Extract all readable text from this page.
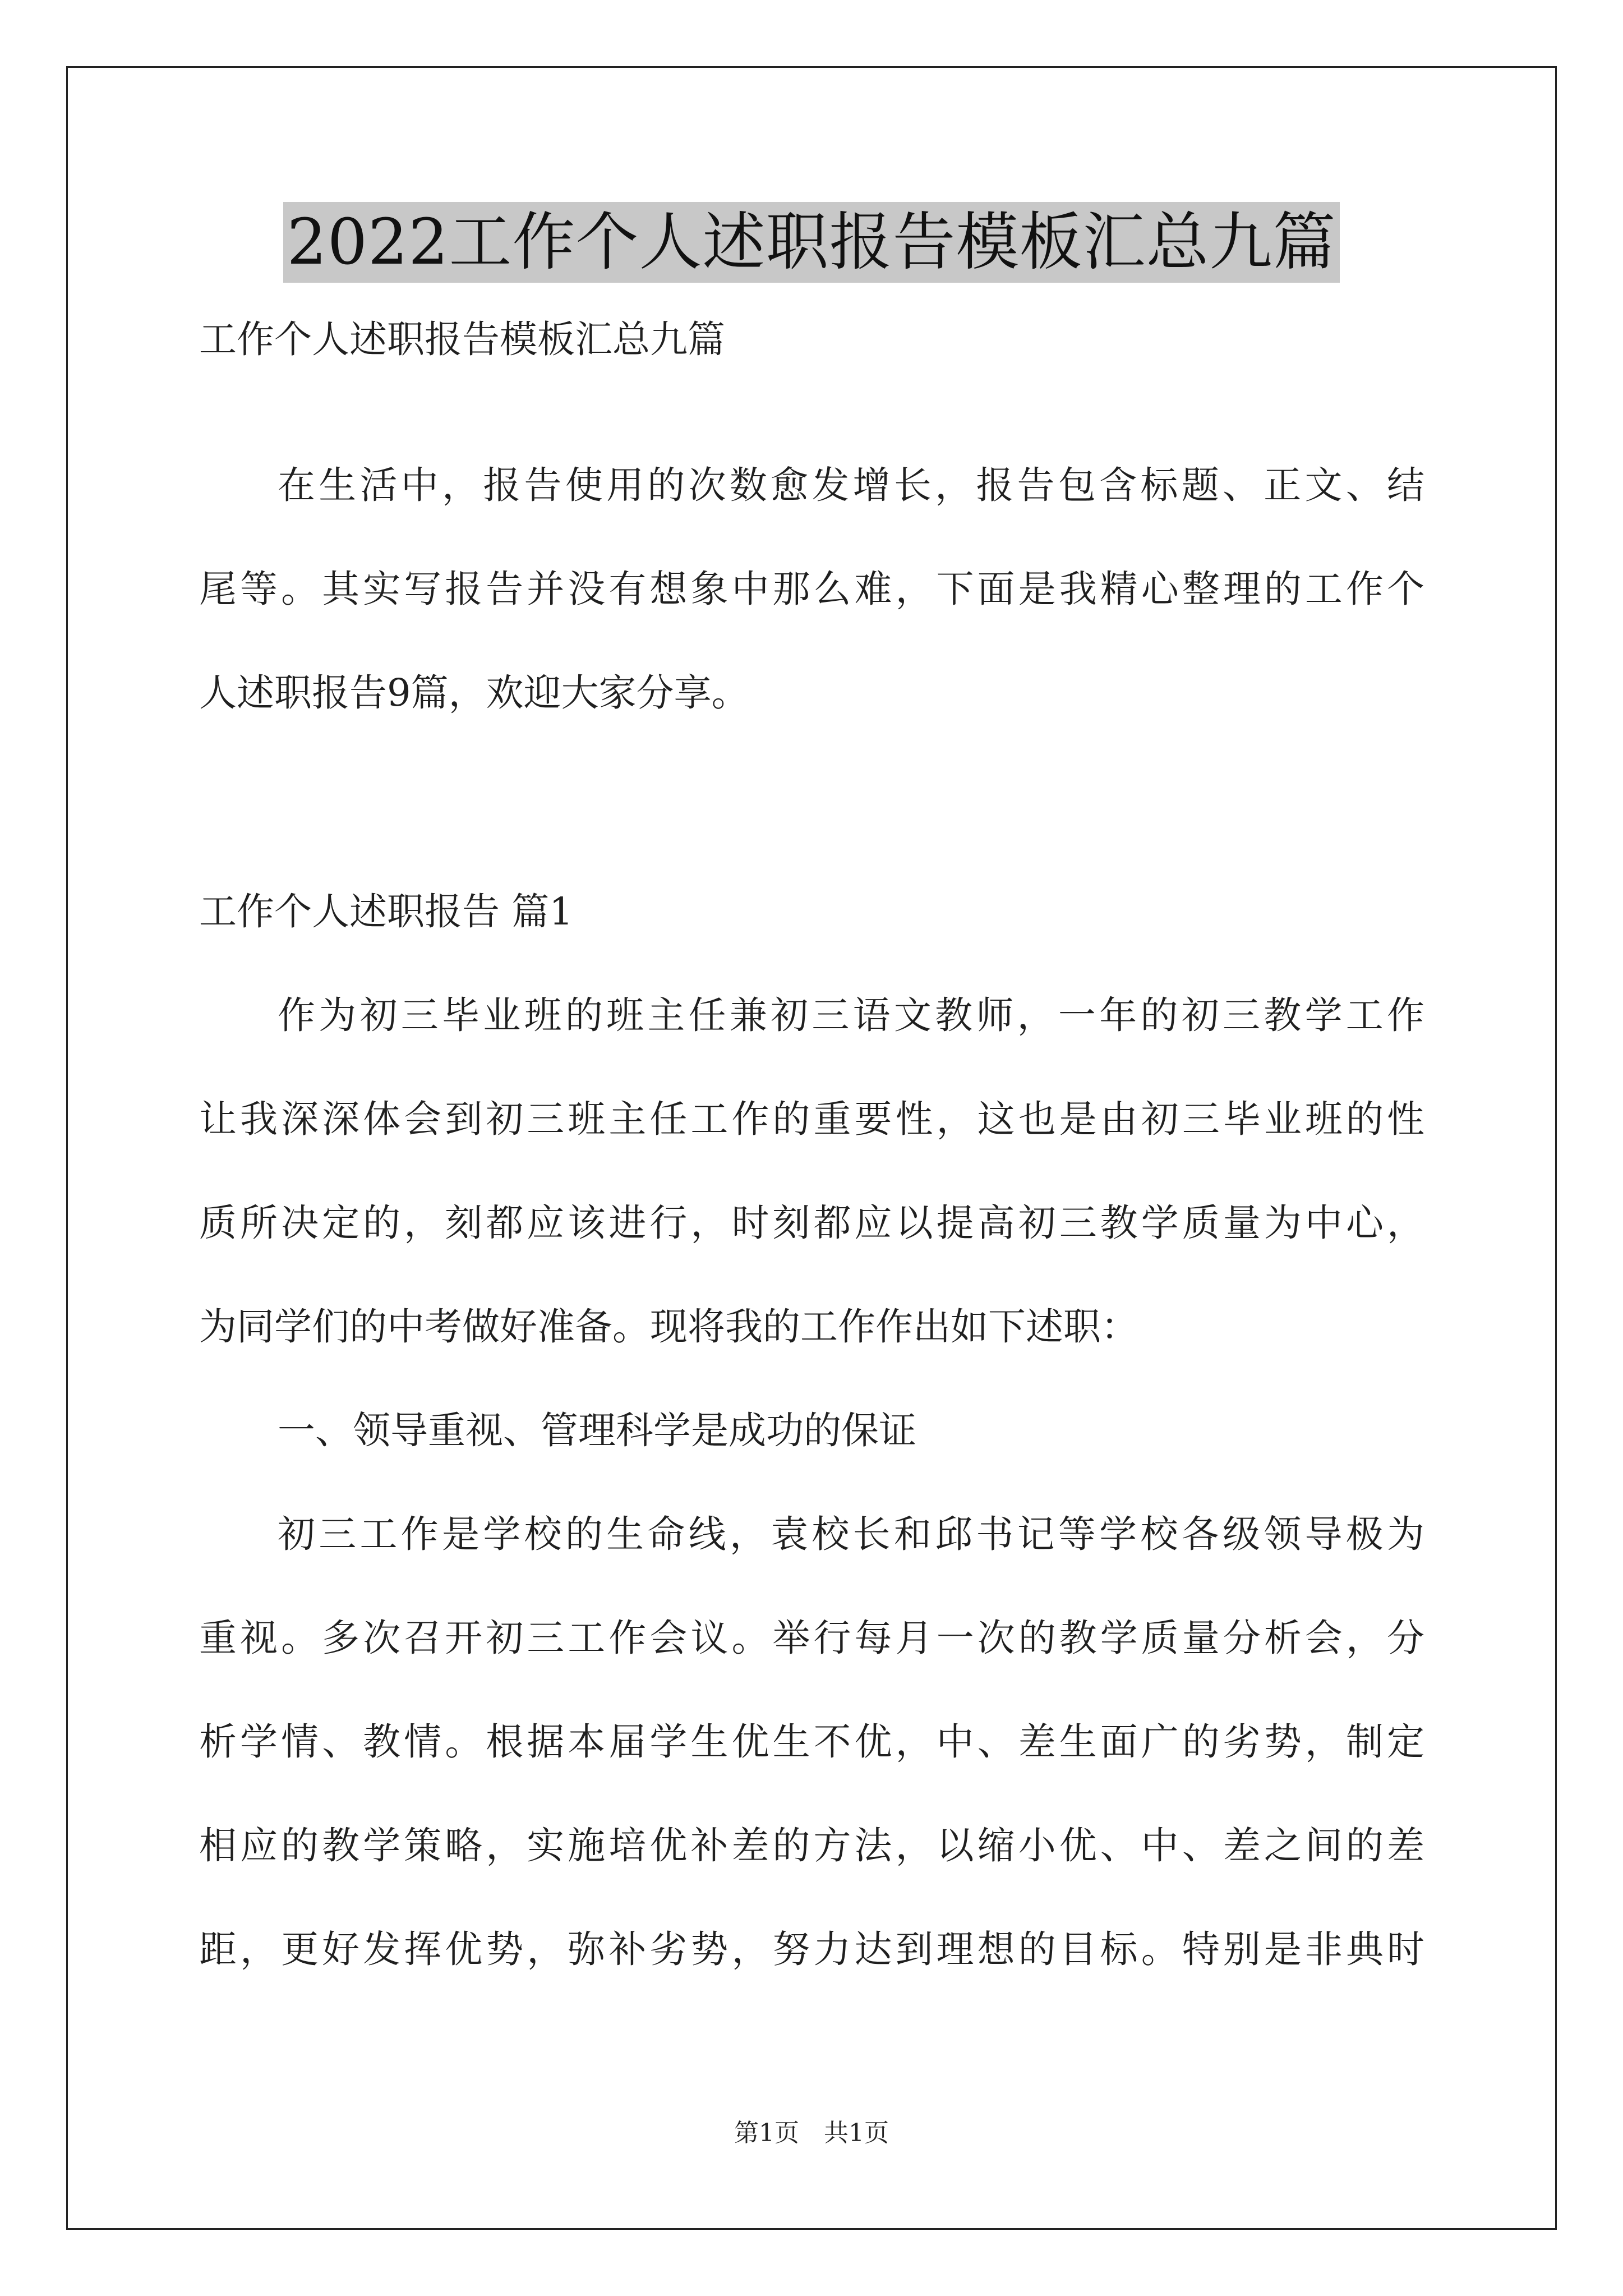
2022工作个人述职报告模板汇总九篇
工作个人述职报告模板汇总九篇
在生活中，报告使用的次数愈发增长，报告包含标题、正文、结
尾等。其实写报告并没有想象中那么难，下面是我精心整理的工作个
人述职报告9篇，欢迎大家分享。
工作个人述职报告 篇1
作为初三毕业班的班主任兼初三语文教师，一年的初三教学工作
让我深深体会到初三班主任工作的重要性，这也是由初三毕业班的性
质所决定的，刻都应该进行，时刻都应以提高初三教学质量为中心，
为同学们的中考做好准备。现将我的工作作出如下述职：
一、领导重视、管理科学是成功的保证
初三工作是学校的生命线，袁校长和邱书记等学校各级领导极为
重视。多次召开初三工作会议。举行每月一次的教学质量分析会，分
析学情、教情。根据本届学生优生不优，中、差生面广的劣势，制定
相应的教学策略，实施培优补差的方法，以缩小优、中、差之间的差
距，更好发挥优势，弥补劣势，努力达到理想的目标。特别是非典时
第1页　共1页
